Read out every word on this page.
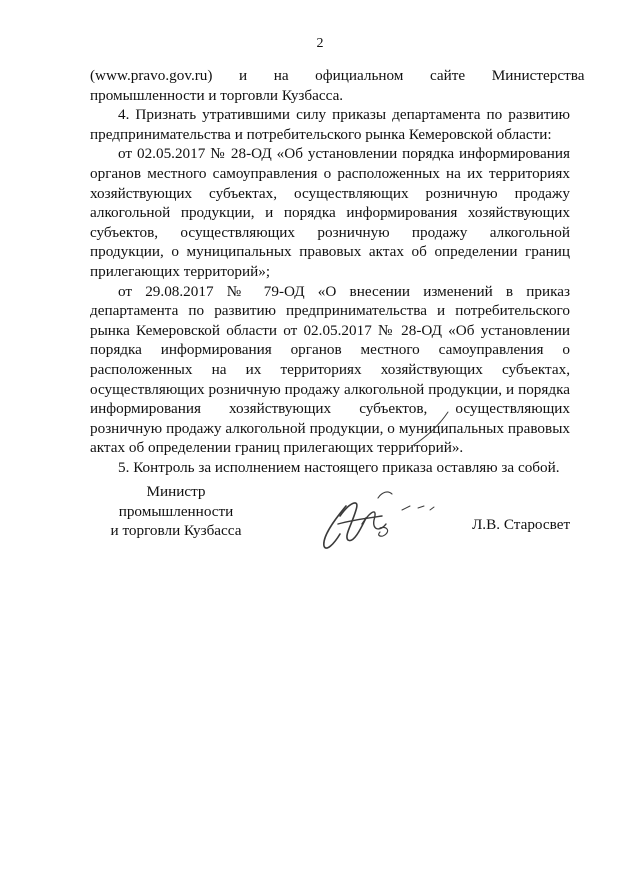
2

(www.pravo.gov.ru)       и       на       официальном       сайте       Министерства

промышленности и торговли Кузбасса.

4. Признать утратившими силу приказы департамента по развитию предпринимательства и потребительского рынка Кемеровской области:

от 02.05.2017 № 28-ОД «Об установлении порядка информирования органов местного самоуправления о расположенных на их территориях хозяйствующих субъектах, осуществляющих розничную продажу алкогольной продукции, и порядка информирования хозяйствующих субъектов, осуществляющих розничную продажу алкогольной продукции, о муниципальных правовых актах об определении границ прилегающих территорий»;

от 29.08.2017 № 79-ОД «О внесении изменений в приказ департамента по развитию предпринимательства и потребительского рынка Кемеровской области от 02.05.2017 № 28-ОД «Об установлении порядка информирования органов местного самоуправления о расположенных на их территориях хозяйствующих субъектах, осуществляющих розничную продажу алкогольной продукции, и порядка информирования хозяйствующих субъектов, осуществляющих розничную продажу алкогольной продукции, о муниципальных правовых актах об определении границ прилегающих территорий».

5. Контроль за исполнением настоящего приказа оставляю за собой.

Министр
промышленности
и торговли Кузбасса	Л.В. Старосвет
